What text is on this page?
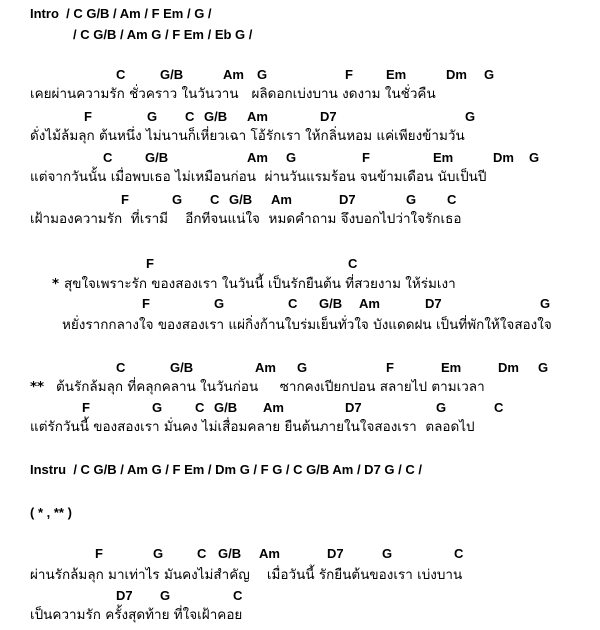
Intro  / C G/B / Am / F Em / G /
/ C G/B / Am G / F Em / Eb G /
C	G/B	Am G	F	Em	Dm G
เคยผ่านความรัก ชั่วคราว ในวันวาน   ผลิดอกเบ่งบาน งดงาม ในชั่วคืน
F	G C G/B Am	D7	G
ดั่งไม้ล้มลุก ต้นหนึ่ง ไม่นานก็เหี่ยวเฉา โอ้รักเรา ให้กลิ่นหอม แค่เพียงข้ามวัน
C	G/B	Am G	F	Em	Dm G
แต่จากวันนั้น เมื่อพบเธอ ไม่เหมือนก่อน  ผ่านวันแรมร้อน จนข้ามเดือน นับเป็นปี
F	G C G/B Am	D7	G C
เฝ้ามองความรัก  ที่เรามี    อีกทีจนแน่ใจ  หมดคำถาม จึงบอกไปว่าใจรักเธอ
F	C
* สุขใจเพราะรัก ของสองเรา ในวันนี้ เป็นรักยืนต้น ที่สวยงาม ให้ร่มเงา
F	G	C G/B Am	D7	G
หยั่งรากกลางใจ ของสองเรา แผ่กิ่งก้านใบร่มเย็นทั่วใจ บังแดดฝน เป็นที่พักให้ใจสองใจ
C	G/B	Am G	F	Em	Dm G
** ต้นรักล้มลุก ที่คลุกคลาน ในวันก่อน     ซากคงเปียกปอน สลายไป ตามเวลา
F	G	C G/B Am	D7	G	C
แต่รักวันนี้ ของสองเรา มั่นคง ไม่เสื่อมคลาย ยืนต้นภายในใจสองเรา  ตลอดไป
Instru  / C G/B / Am G / F Em / Dm G / F G / C G/B Am / D7 G / C /
( * , ** )
F	G	C G/B Am	D7	G	C
ผ่านรักล้มลุก มาเท่าไร มันคงไม่สำคัญ    เมื่อวันนี้ รักยืนต้นของเรา เบ่งบาน
D7 G	C
เป็นความรัก ครั้งสุดท้าย ที่ใจเฝ้าคอย
